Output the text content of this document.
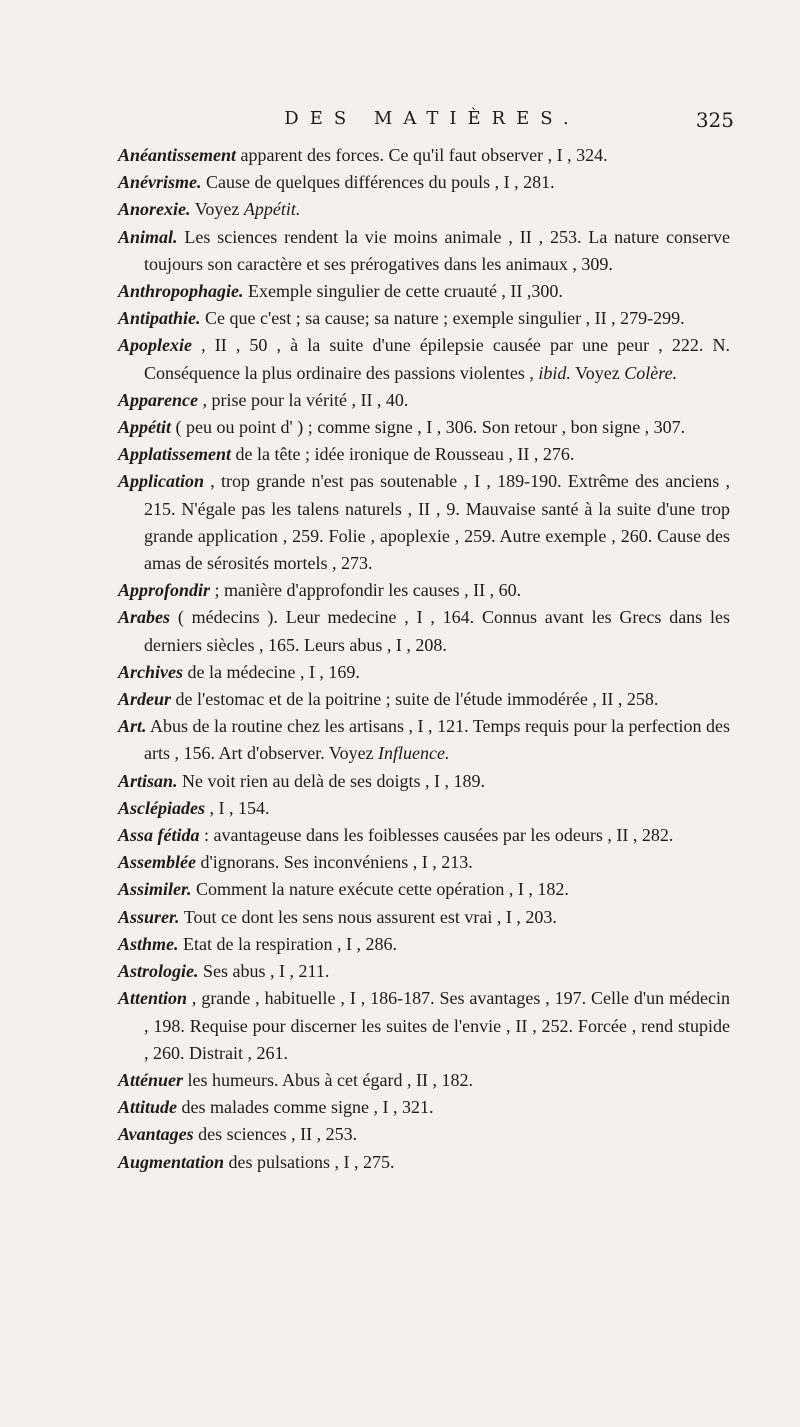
DES MATIÈRES.	325

Anéantissement apparent des forces. Ce qu'il faut observer , I , 324.

Anévrisme. Cause de quelques différences du pouls , I , 281.

Anorexie. Voyez Appétit.

Animal. Les sciences rendent la vie moins animale , II , 253. La nature conserve toujours son caractère et ses prérogatives dans les animaux , 309.

Anthropophagie. Exemple singulier de cette cruauté , II ,300.

Antipathie. Ce que c'est ; sa cause; sa nature ; exemple singulier , II , 279-299.

Apoplexie , II , 50 , à la suite d'une épilepsie causée par une peur , 222. N. Conséquence la plus ordinaire des passions violentes , ibid. Voyez Colère.

Apparence , prise pour la vérité , II , 40.

Appétit ( peu ou point d' ) ; comme signe , I , 306. Son retour , bon signe , 307.

Applatissement de la tête ; idée ironique de Rousseau , II , 276.

Application , trop grande n'est pas soutenable , I , 189-190. Extrême des anciens , 215. N'égale pas les talens naturels , II , 9. Mauvaise santé à la suite d'une trop grande application , 259. Folie , apoplexie , 259. Autre exemple , 260. Cause des amas de sérosités mortels , 273.

Approfondir ; manière d'approfondir les causes , II , 60.

Arabes ( médecins ). Leur medecine , I , 164. Connus avant les Grecs dans les derniers siècles , 165. Leurs abus , I , 208.

Archives de la médecine , I , 169.

Ardeur de l'estomac et de la poitrine ; suite de l'étude immodérée , II , 258.

Art. Abus de la routine chez les artisans , I , 121. Temps requis pour la perfection des arts , 156. Art d'observer. Voyez Influence.

Artisan. Ne voit rien au delà de ses doigts , I , 189.

Asclépiades , I , 154.

Assa fétida : avantageuse dans les foiblesses causées par les odeurs , II , 282.

Assemblée d'ignorans. Ses inconvéniens , I , 213.

Assimiler. Comment la nature exécute cette opération , I , 182.

Assurer. Tout ce dont les sens nous assurent est vrai , I , 203.

Asthme. Etat de la respiration , I , 286.

Astrologie. Ses abus , I , 211.

Attention , grande , habituelle , I , 186-187. Ses avantages , 197. Celle d'un médecin , 198. Requise pour discerner les suites de l'envie , II , 252. Forcée , rend stupide , 260. Distrait , 261.

Atténuer les humeurs. Abus à cet égard , II , 182.

Attitude des malades comme signe , I , 321.

Avantages des sciences , II , 253.

Augmentation des pulsations , I , 275.
